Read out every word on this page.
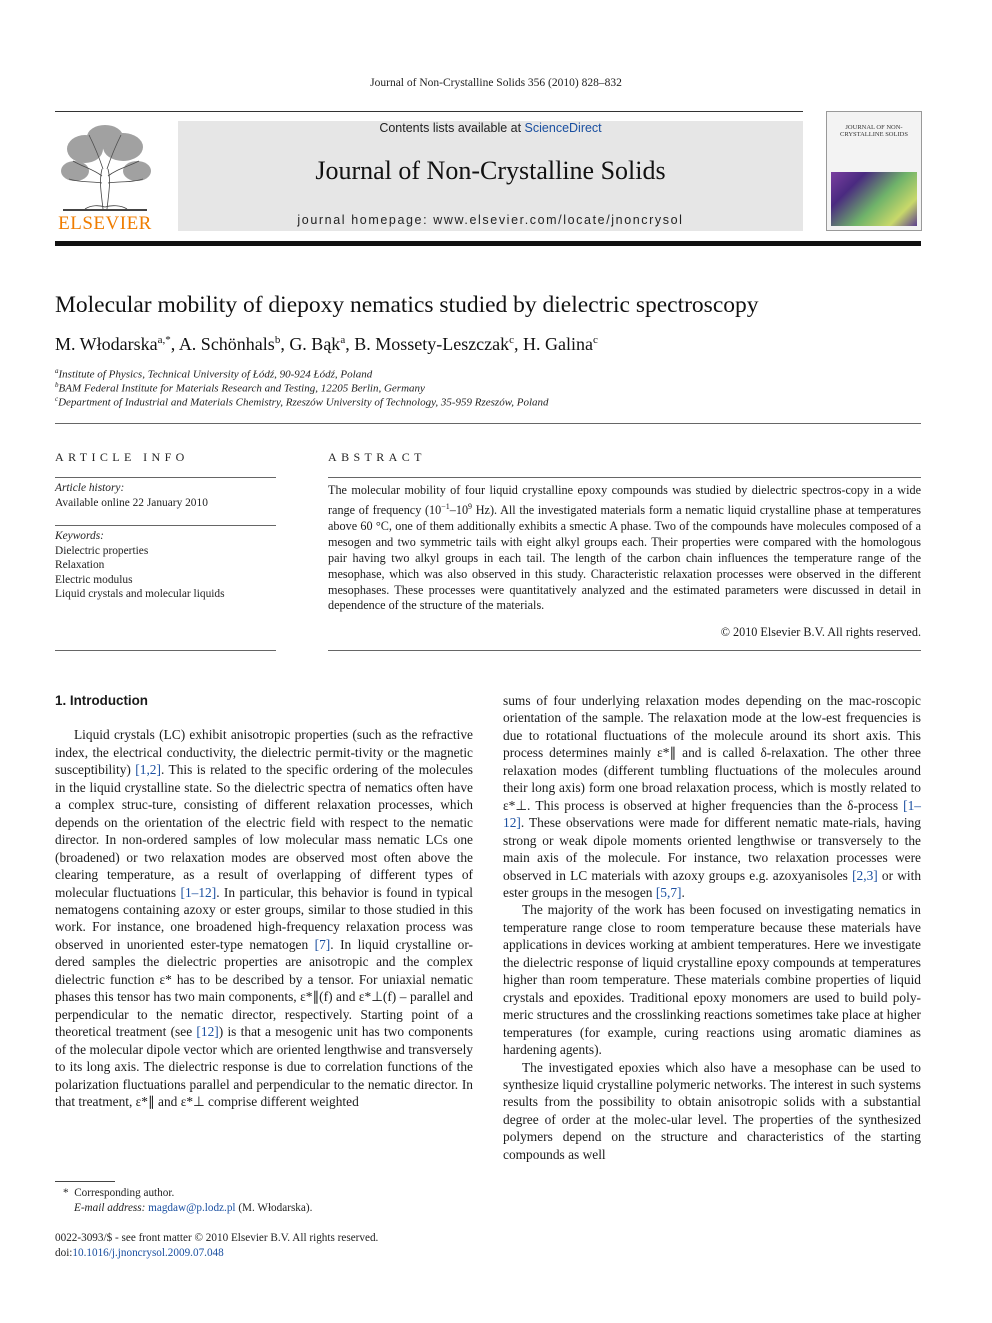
Journal of Non-Crystalline Solids 356 (2010) 828–832
ELSEVIER
Contents lists available at ScienceDirect
Journal of Non-Crystalline Solids
journal homepage: www.elsevier.com/locate/jnoncrysol
JOURNAL OF NON-CRYSTALLINE SOLIDS
Molecular mobility of diepoxy nematics studied by dielectric spectroscopy
M. Włodarska$^{a,*}$, A. Schönhals$^b$, G. Bąk$^a$, B. Mossety-Leszczak$^c$, H. Galina$^c$
$^a$Institute of Physics, Technical University of Łódź, 90-924 Łódź, Poland
$^b$BAM Federal Institute for Materials Research and Testing, 12205 Berlin, Germany
$^c$Department of Industrial and Materials Chemistry, Rzeszów University of Technology, 35-959 Rzeszów, Poland
ARTICLE INFO
Article history:
Available online 22 January 2010
Keywords:
Dielectric properties
Relaxation
Electric modulus
Liquid crystals and molecular liquids
ABSTRACT
The molecular mobility of four liquid crystalline epoxy compounds was studied by dielectric spectros-copy in a wide range of frequency ($10^{-1}-10^9$ Hz). All the investigated materials form a nematic liquid crystalline phase at temperatures above 60 °C, one of them additionally exhibits a smectic A phase. Two of the compounds have molecules composed of a mesogen and two symmetric tails with eight alkyl groups each. Their properties were compared with the homologous pair having two alkyl groups in each tail. The length of the carbon chain influences the temperature range of the mesophase, which was also observed in this study. Characteristic relaxation processes were observed in the different mesophases. These processes were quantitatively analyzed and the estimated parameters were discussed in detail in dependence of the structure of the materials.
© 2010 Elsevier B.V. All rights reserved.

1. Introduction

Liquid crystals (LC) exhibit anisotropic properties (such as the refractive index, the electrical conductivity, the dielectric permit-tivity or the magnetic susceptibility) [1,2]. This is related to the specific ordering of the molecules in the liquid crystalline state. So the dielectric spectra of nematics often have a complex struc-ture, consisting of different relaxation processes, which depends on the orientation of the electric field with respect to the nematic director. In non-ordered samples of low molecular mass nematic LCs one (broadened) or two relaxation modes are observed most often above the clearing temperature, as a result of overlapping of different types of molecular fluctuations [1–12]. In particular, this behavior is found in typical nematogens containing azoxy or ester groups, similar to those studied in this work. For instance, one broadened high-frequency relaxation process was observed in unoriented ester-type nematogen [7]. In liquid crystalline or-dered samples the dielectric properties are anisotropic and the complex dielectric function ε* has to be described by a tensor. For uniaxial nematic phases this tensor has two main components, ε*∥(f) and ε*⊥(f) – parallel and perpendicular to the nematic director, respectively. Starting point of a theoretical treatment (see [12]) is that a mesogenic unit has two components of the molecular dipole vector which are oriented lengthwise and transversely to its long axis. The dielectric response is due to correlation functions of the polarization fluctuations parallel and perpendicular to the nematic director. In that treatment, ε*∥ and ε*⊥ comprise different weighted

sums of four underlying relaxation modes depending on the mac-roscopic orientation of the sample. The relaxation mode at the low-est frequencies is due to rotational fluctuations of the molecule around its short axis. This process determines mainly ε*∥ and is called δ-relaxation. The other three relaxation modes (different tumbling fluctuations of the molecules around their long axis) form one broad relaxation process, which is mostly related to ε*⊥. This process is observed at higher frequencies than the δ-process [1–12]. These observations were made for different nematic mate-rials, having strong or weak dipole moments oriented lengthwise or transversely to the main axis of the molecule. For instance, two relaxation processes were observed in LC materials with azoxy groups e.g. azoxyanisoles [2,3] or with ester groups in the mesogen [5,7].

The majority of the work has been focused on investigating nematics in temperature range close to room temperature because these materials have applications in devices working at ambient temperatures. Here we investigate the dielectric response of liquid crystalline epoxy compounds at temperatures higher than room temperature. These materials combine properties of liquid crystals and epoxides. Traditional epoxy monomers are used to build poly-meric structures and the crosslinking reactions sometimes take place at higher temperatures (for example, curing reactions using aromatic diamines as hardening agents).

The investigated epoxies which also have a mesophase can be used to synthesize liquid crystalline polymeric networks. The interest in such systems results from the possibility to obtain anisotropic solids with a substantial degree of order at the molec-ular level. The properties of the synthesized polymers depend on the structure and characteristics of the starting compounds as well

* Corresponding author.
E-mail address: magdaw@p.lodz.pl (M. Włodarska).
0022-3093/$ - see front matter © 2010 Elsevier B.V. All rights reserved.
doi:10.1016/j.jnoncrysol.2009.07.048
